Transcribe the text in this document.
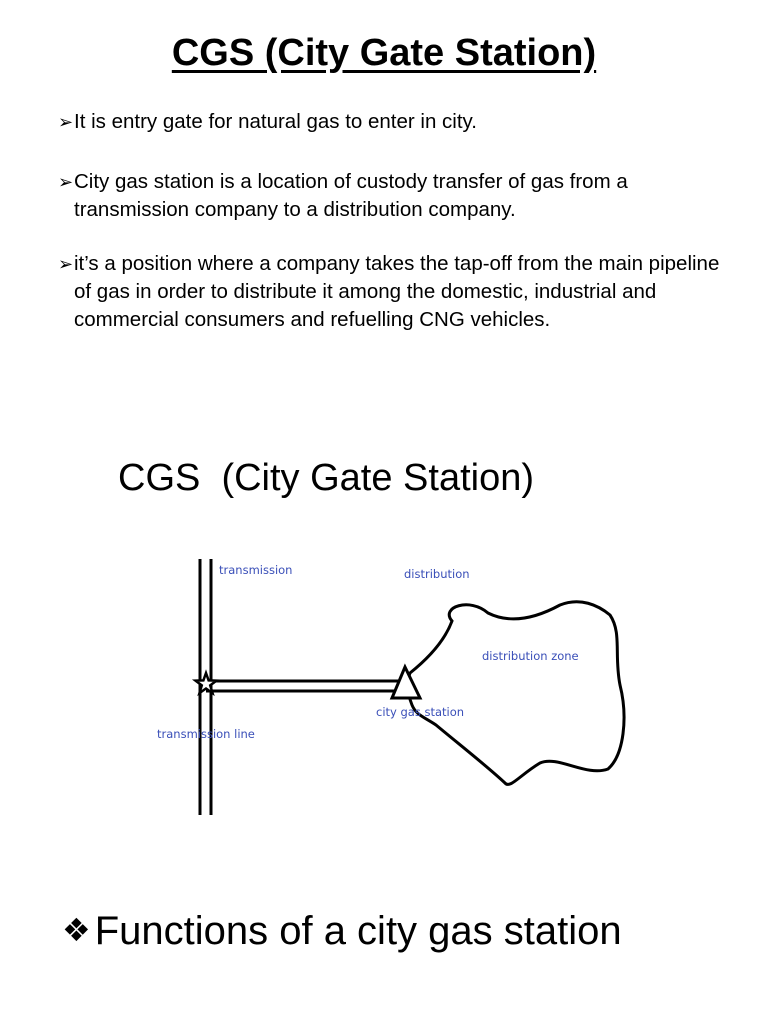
CGS (City Gate Station)
➢ It is entry gate for natural gas to enter in city.
➢ City gas station is a location of custody transfer of gas from a transmission company to a distribution company.
➢ it’s a position where a company takes the tap-off from the main pipeline of gas in order to distribute it among the domestic, industrial and commercial consumers and refuelling CNG vehicles.
CGS  (City Gate Station)
transmission	distribution
distribution zone
city gas station
transmission line
❖ Functions of a city gas station
